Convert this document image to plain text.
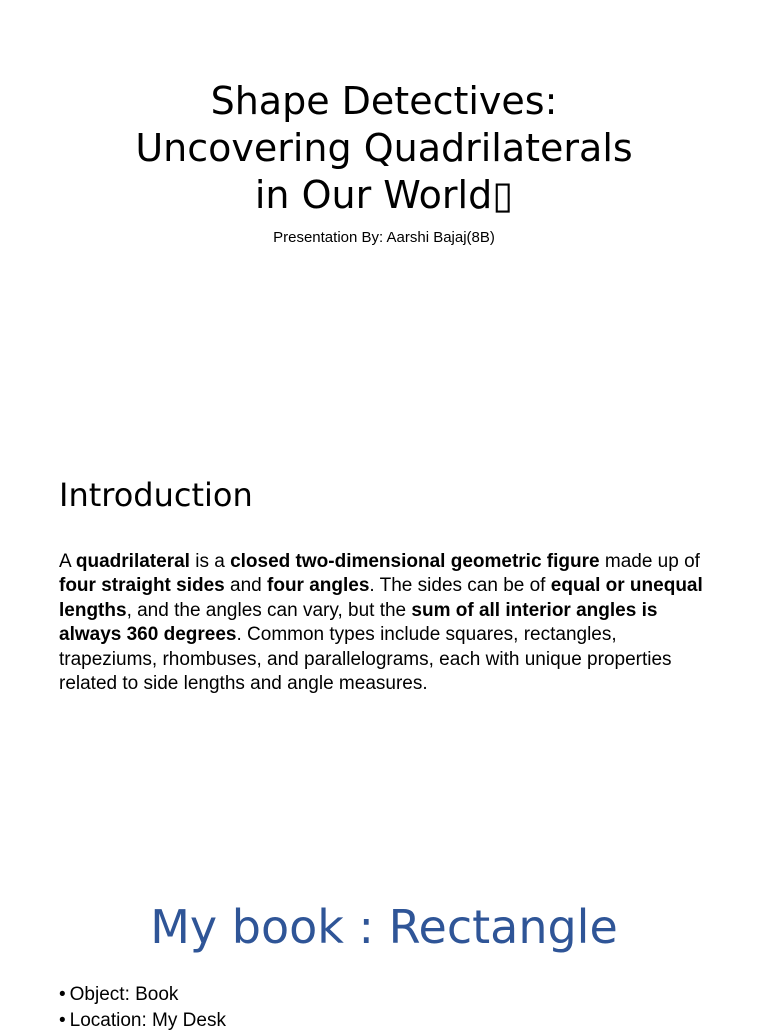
Shape Detectives:
Uncovering Quadrilaterals
in Our World▯
Presentation By: Aarshi Bajaj(8B)
Introduction

A quadrilateral is a closed two-dimensional geometric figure made up of four straight sides and four angles. The sides can be of equal or unequal lengths, and the angles can vary, but the sum of all interior angles is always 360 degrees. Common types include squares, rectangles, trapeziums, rhombuses, and parallelograms, each with unique properties related to side lengths and angle measures.

My book : Rectangle
• Object: Book
• Location: My Desk
